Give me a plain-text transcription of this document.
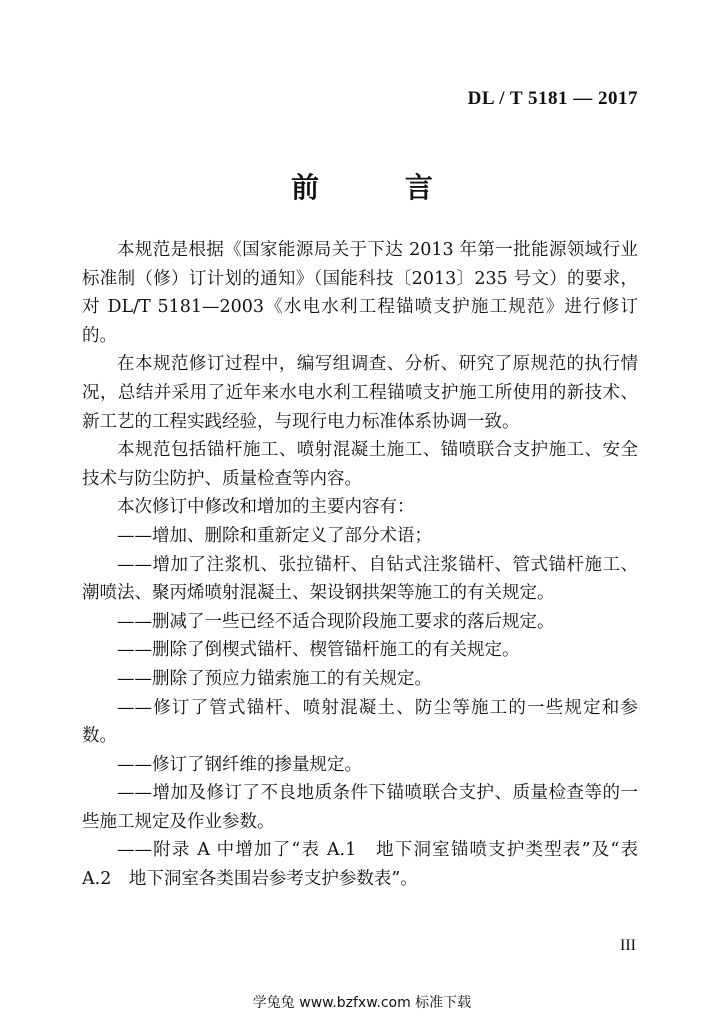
DL / T 5181 — 2017
前 言

本规范是根据《国家能源局关于下达 2013 年第一批能源领域行业标准制（修）订计划的通知》（国能科技〔2013〕235 号文）的要求，对 DL/T 5181—2003《水电水利工程锚喷支护施工规范》进行修订的。

在本规范修订过程中，编写组调查、分析、研究了原规范的执行情况，总结并采用了近年来水电水利工程锚喷支护施工所使用的新技术、新工艺的工程实践经验，与现行电力标准体系协调一致。

本规范包括锚杆施工、喷射混凝土施工、锚喷联合支护施工、安全技术与防尘防护、质量检查等内容。

本次修订中修改和增加的主要内容有：

——增加、删除和重新定义了部分术语；

——增加了注浆机、张拉锚杆、自钻式注浆锚杆、管式锚杆施工、潮喷法、聚丙烯喷射混凝土、架设钢拱架等施工的有关规定。

——删减了一些已经不适合现阶段施工要求的落后规定。

——删除了倒楔式锚杆、楔管锚杆施工的有关规定。

——删除了预应力锚索施工的有关规定。

——修订了管式锚杆、喷射混凝土、防尘等施工的一些规定和参数。

——修订了钢纤维的掺量规定。

——增加及修订了不良地质条件下锚喷联合支护、质量检查等的一些施工规定及作业参数。

——附录 A 中增加了“表 A.1　地下洞室锚喷支护类型表”及“表 A.2　地下洞室各类围岩参考支护参数表”。

III
学兔兔 www.bzfxw.com 标准下载
